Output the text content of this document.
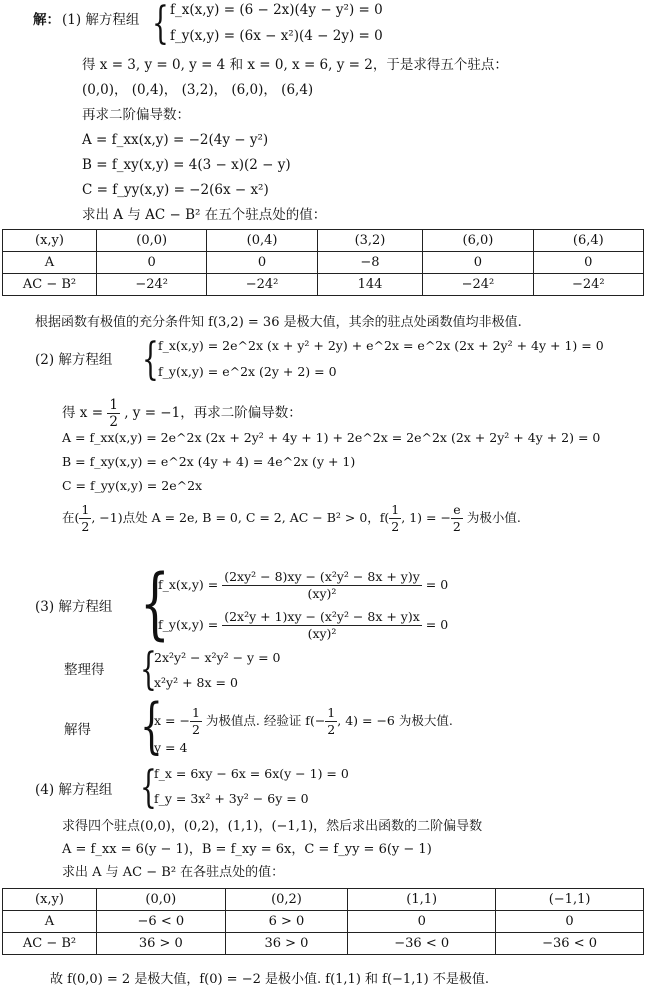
解： (1) 解方程组 { f_x(x,y) = (6 − 2x)(4y − y²) = 0
f_y(x,y) = (6x − x²)(4 − 2y) = 0
得 x = 3, y = 0, y = 4 和 x = 0, x = 6, y = 2，于是求得五个驻点：
(0,0)， (0,4)， (3,2)， (6,0)， (6,4)
再求二阶偏导数：
A = f_xx(x,y) = −2(4y − y²)
B = f_xy(x,y) = 4(3 − x)(2 − y)
C = f_yy(x,y) = −2(6x − x²)
求出 A 与 AC − B² 在五个驻点处的值：
(x,y)	(0,0)	(0,4)	(3,2)	(6,0)	(6,4)
A	0	0	−8	0	0
AC − B²	−24²	−24²	144	−24²	−24²
根据函数有极值的充分条件知 f(3,2) = 36 是极大值，其余的驻点处函数值均非极值.
(2) 解方程组 { f_x(x,y) = 2e^2x (x + y² + 2y) + e^2x = e^2x (2x + 2y² + 4y + 1) = 0
f_y(x,y) = e^2x (2y + 2) = 0
得 $x = \frac{1}{2}$ , y = −1，再求二阶偏导数：
A = f_xx(x,y) = 2e^2x (2x + 2y² + 4y + 1) + 2e^2x = 2e^2x (2x + 2y² + 4y + 2) = 0
B = f_xy(x,y) = e^2x (4y + 4) = 4e^2x (y + 1)
C = f_yy(x,y) = 2e^2x
在( $\frac{1}{2}$ , −1)点处 A = 2e, B = 0, C = 2, AC − B² > 0，$f( \frac{1}{2}$ , 1) = − $\frac{e}{2}$ 为极小值.
(3) 解方程组 {
f_x(x,y) = $\frac{\text{(2xy² − 8)xy − (x²y² − 8x + y)y}}{\text{(xy)²}} = 0$
f_y(x,y) = $\frac{\text{(2x²y + 1)xy − (x²y² − 8x + y)x}}{\text{(xy)²}} = 0$
整理得 {
2x²y² − x²y² − y = 0
x²y² + 8x = 0
解得 {
x = − $\frac{1}{2}$ 为极值点. 经验证 $f(- \frac{1}{2}$ , 4) = −6 为极大值.
y = 4
(4) 解方程组 {
f_x = 6xy − 6x = 6x(y − 1) = 0
f_y = 3x² + 3y² − 6y = 0
求得四个驻点(0,0)，(0,2)，(1,1)，(−1,1)，然后求出函数的二阶偏导数
A = f_xx = 6(y − 1)，B = f_xy = 6x，C = f_yy = 6(y − 1)
求出 A 与 AC − B² 在各驻点处的值：
(x,y)	(0,0)	(0,2)	(1,1)	(−1,1)
A	−6 < 0	6 > 0	0	0
AC − B²	36 > 0	36 > 0	−36 < 0	−36 < 0
故 f(0,0) = 2 是极大值，f(0) = −2 是极小值. f(1,1) 和 f(−1,1) 不是极值.
